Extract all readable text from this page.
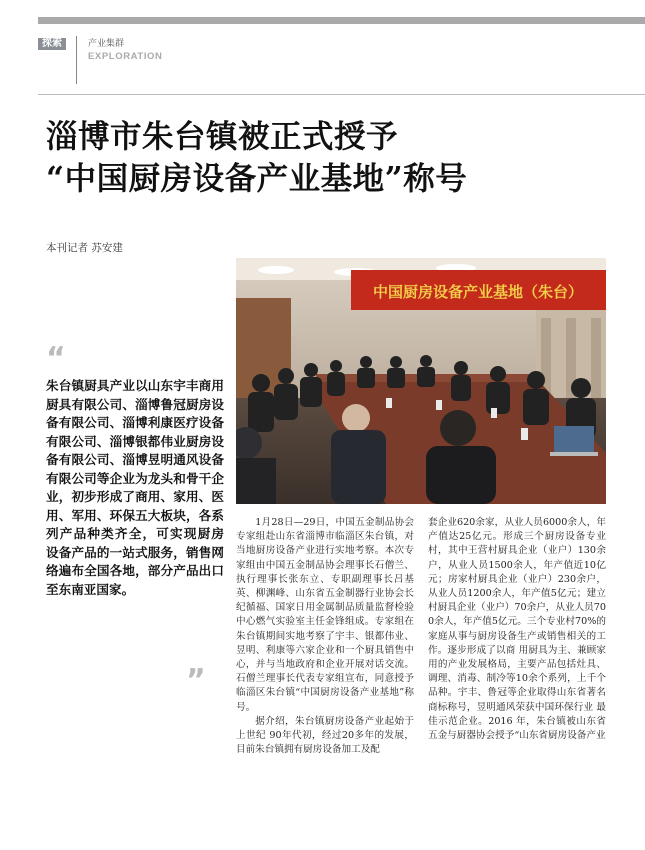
探索	产业集群
EXPLORATION
淄博市朱台镇被正式授予
“中国厨房设备产业基地”称号
本刊记者 苏安建
中国厨房设备产业基地（朱台）
“

朱台镇厨具产业以山东宇丰商用厨具有限公司、淄博鲁冠厨房设备有限公司、淄博利康医疗设备有限公司、淄博银都伟业厨房设备有限公司、淄博昱明通风设备有限公司等企业为龙头和骨干企业，初步形成了商用、家用、医用、军用、环保五大板块，各系列产品种类齐全，可实现厨房 设备产品的一站式服务，销售网络遍布全国各地，部分产品出口至东南亚国家。

”

1月28日—29日，中国五金制品协会专家组赴山东省淄博市临淄区朱台镇，对当地厨房设备产业进行实地考察。本次专家组由中国五金制品协会理事长石僧兰、执行理事长张东立、专职副理事长吕基英、柳渊峰、山东省五金制器行业协会长纪循福、国家日用金属制品质量监督检验中心燃气实验室主任金锋组成。专家组在朱台镇期间实地考察了宇丰、银都伟业、昱明、利康等六家企业和一个厨具销售中心，并与当地政府和企业开展对话交流。石僧兰理事长代表专家组宣布，同意授予临淄区朱台镇“中国厨房设备产业基地”称号。

据介绍，朱台镇厨房设备产业起始于上世纪 90年代初，经过20多年的发展，目前朱台镇拥有厨房设备加工及配

套企业620余家，从业人员6000余人，年产值达25亿元。形成三个厨房设备专业村，其中王营村厨具企业（业户）130余户，从业人员1500余人，年产值近10亿元；房家村厨具企业（业户）230余户，从业人员1200余人，年产值5亿元；建立村厨具企业（业户）70余户，从业人员700余人，年产值5亿元。三个专业村70%的家庭从事与厨房设备生产或销售相关的工作。逐步形成了以商 用厨具为主、兼顾家用的产业发展格局，主要产品包括灶具、调理、消毒、制冷等10余个系列，上千个品种。宇丰、鲁冠等企业取得山东省著名商标称号，昱明通风荣获中国环保行业 最佳示范企业。2016 年，朱台镇被山东省五金与厨器协会授予“山东省厨房设备产业
